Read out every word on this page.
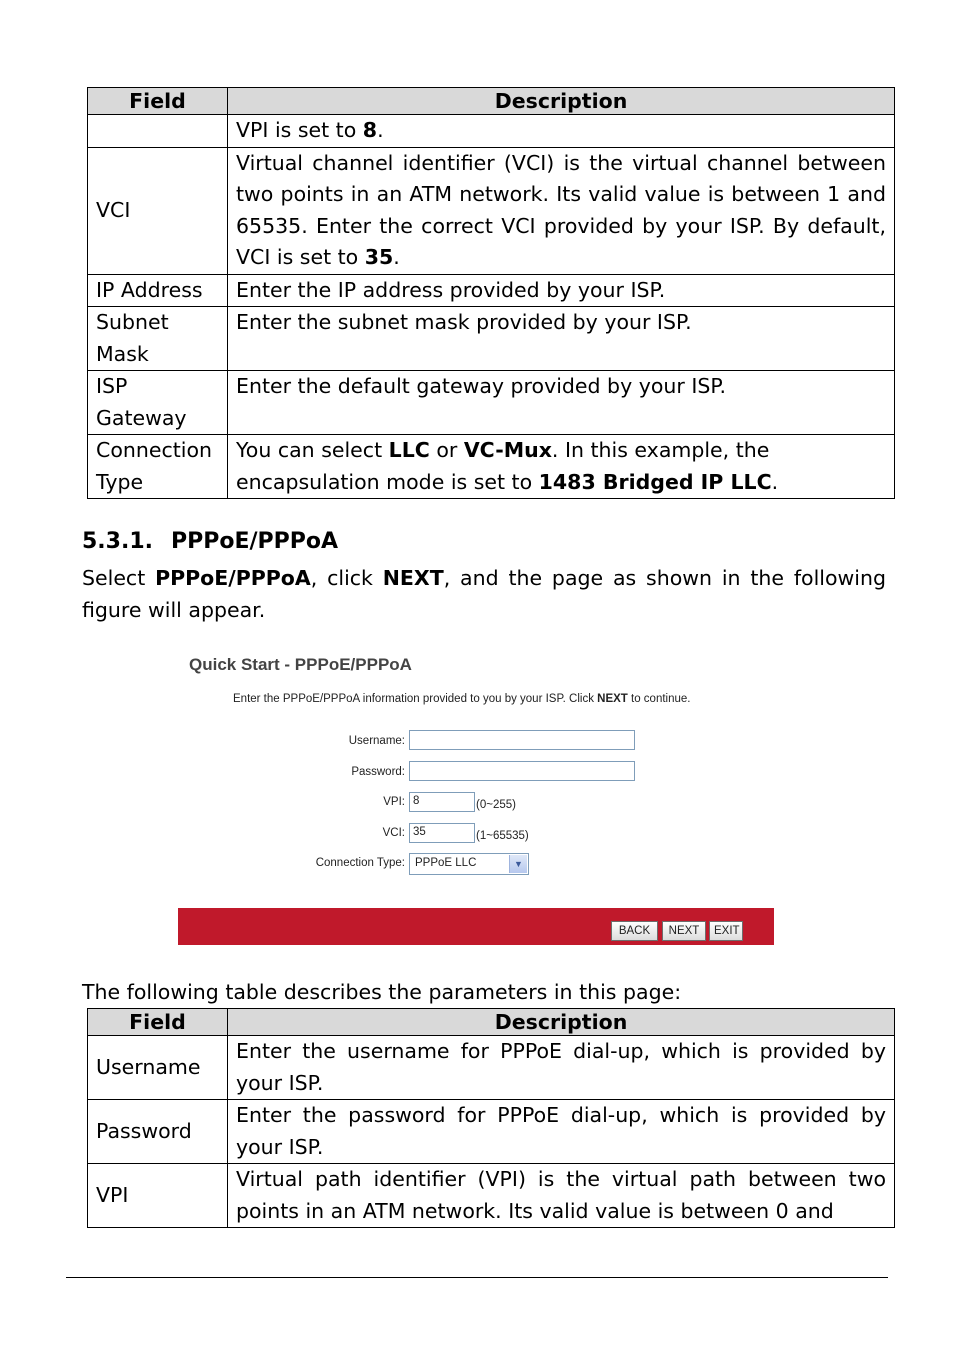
Field	Description
	VPI is set to 8.
VCI	Virtual channel identifier (VCI) is the virtual channel between two points in an ATM network. Its valid value is between 1 and 65535. Enter the correct VCI provided by your ISP. By default, VCI is set to 35.
IP Address	Enter the IP address provided by your ISP.
Subnet Mask	Enter the subnet mask provided by your ISP.
ISP Gateway	Enter the default gateway provided by your ISP.
Connection Type	You can select LLC or VC-Mux. In this example, the encapsulation mode is set to 1483 Bridged IP LLC.
5.3.1. PPPoE/PPPoA
Select PPPoE/PPPoA, click NEXT, and the page as shown in the following figure will appear.
Quick Start - PPPoE/PPPoA
Enter the PPPoE/PPPoA information provided to you by your ISP. Click NEXT to continue.
Username:
Password:
VPI: 8	(0~255)
VCI: 35	(1~65535)
Connection Type: PPPoE LLC	▼
BACK	NEXT	EXIT
The following table describes the parameters in this page:
Field	Description
Username	Enter the username for PPPoE dial-up, which is provided by your ISP.
Password	Enter the password for PPPoE dial-up, which is provided by your ISP.
VPI	Virtual path identifier (VPI) is the virtual path between two points in an ATM network. Its valid value is between 0 and
